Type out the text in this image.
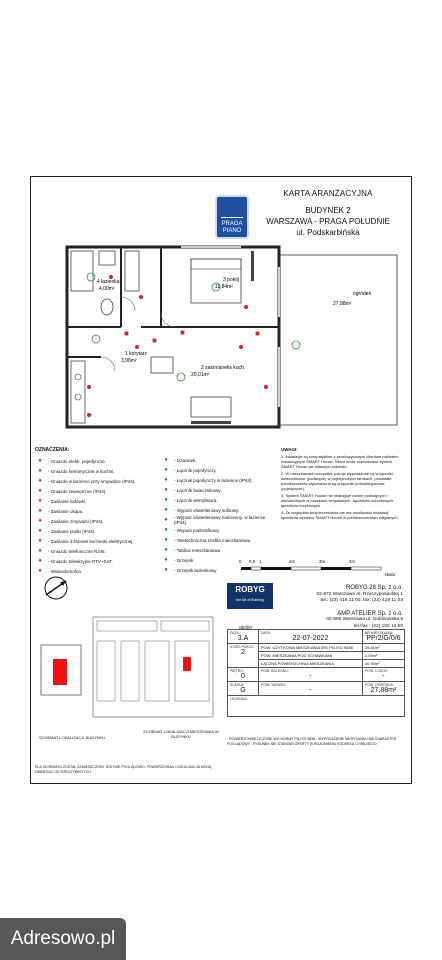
KARTA ARANŻACYJNA
BUDYNEK 2
WARSZAWA - PRAGA POŁUDNIE
ul. Podskarbińska
PRAGA
PIANO
4 łazienka
4,00m²
3 pokój
11,84m²
1 korytarz
3,96m²
2 salon/aneks kuch.
20,01m²
ogródek
27,88m²
OZNACZENIA:
●	- Gniazdo elektr. pojedyncze.
●	- Gniazdo hermetyczne w kuchni.
●	- Gniazdo w łazience przy umywalce (IP44).
●	- Gniazdo zewnętrzne (IP44).
●	- Zasilanie lodówki.
●	- Zasilanie okapu.
●	- Zasilanie zmywarki (IP44).
●	- Zasilanie pralki (IP44).
●	- Zasilanie 3-fazowe kuchenki elektrycznej.
●	- Gniazdo telefoniczne RJ45.
●	- Gniazdo telewizyjne RTV+SAT.
●	- Wideodomofon.
●	- Dzwonek.
●	- Łącznik pojedynczy.
●	- Łącznik pojedynczy w łazience (IP44).
●	- Łącznik świecznikowy.
●	- Łącznik wentylatora.
●	- Wypust oświetleniowy sufitowy.
●	- Wypust oświetleniowy naścienny, w łazience (IP44).
●	- Wypust podszafkowy.
●	- Teletechniczna szafka mieszkaniowa
●	- Tablica mieszkaniowa
●	- Grzejnik
●	- Grzejnik łazienkowy
UWAGI:

1. Instalacje są kompatybilne z przekazywanym klientom pakietem instalacyjnym SMART House. Klient może rozbudować system SMART House we własnym zakresie.

2. W mieszkaniach wszystkie pokoje wyposażone są w łączniki świecznikowe (podwójne) w pojedynczych ramkach, pozostałe pomieszczenia wyposażone są w łączniki jednobiegunowe (pojedyncze).

3. System SMART House nie obsługuje ramek podwójnych i wielokrotnych w puszkach zespolonych, łączników schodowych, łączników krzyżowych.

4. Ze względów bezpieczeństwa nie ma możliwości instalacji łączników systemu SMART House w pomieszczeniach wilgotnych.

0 0,5 1	2m	3m	4m
skala
ROBYG
the Art of Building
ROBYG 28 Sp. z o.o.
02-972 Warszawa Al. Rzeczypospolitej 1
tel.: (22) 419 11 00, fax: (22) 419 11 03
AMP ATELIER Sp. z o.o.
02-956 Warszawa ul. Gubinowska 5
tel./fax : (22) 102 12 50
atelier
SCHEMAT LOKALIZACJI BUDYNKU
SCHEMAT LOKALIZACJI MIESZKANIA W BUDYNKU
FAZA:
3.A	DATA:
22-07-2022	NR MIESZKANIA:
PP/2/G/0/6

ILOŚĆ POKOI:
2	POW. UŻYTKOWA MIESZKANIA WG PN-ISO 9836	39,81m²
	POW. MIESZKANIA POD SCHAWKAMI	1,09m²
	ŁĄCZNA POWIERZCHNIA MIESZKANIA	40,90m²

PIĘTRO:
0	POW. BALKONU:
-	POW. LOGGII:
-

KLATKA:
G	POW. TARASU:
-	POW. OGRÓDKA:
27,88m²

LEGENDA:		
DLA SCHEMATU ZOSTAŁ ZAMIESZCZONY JEDYNIE POGLĄDOWO. POWIERZCHNIA I LOKALIZACJA MOGĄ ODBIEGAĆ OD RZECZYWISTYCH.
- POWIERZCHNIE LICZONE WG NORMY PN-ISO 9836 - WYPOSAŻENIE NA RYSUNKU MA CHARAKTER POGLĄDOWY - RYSUNEK NIE STANOWI OFERTY W ROZUMIENIU KODEKSU CYWILNEGO
Adresowo.pl
